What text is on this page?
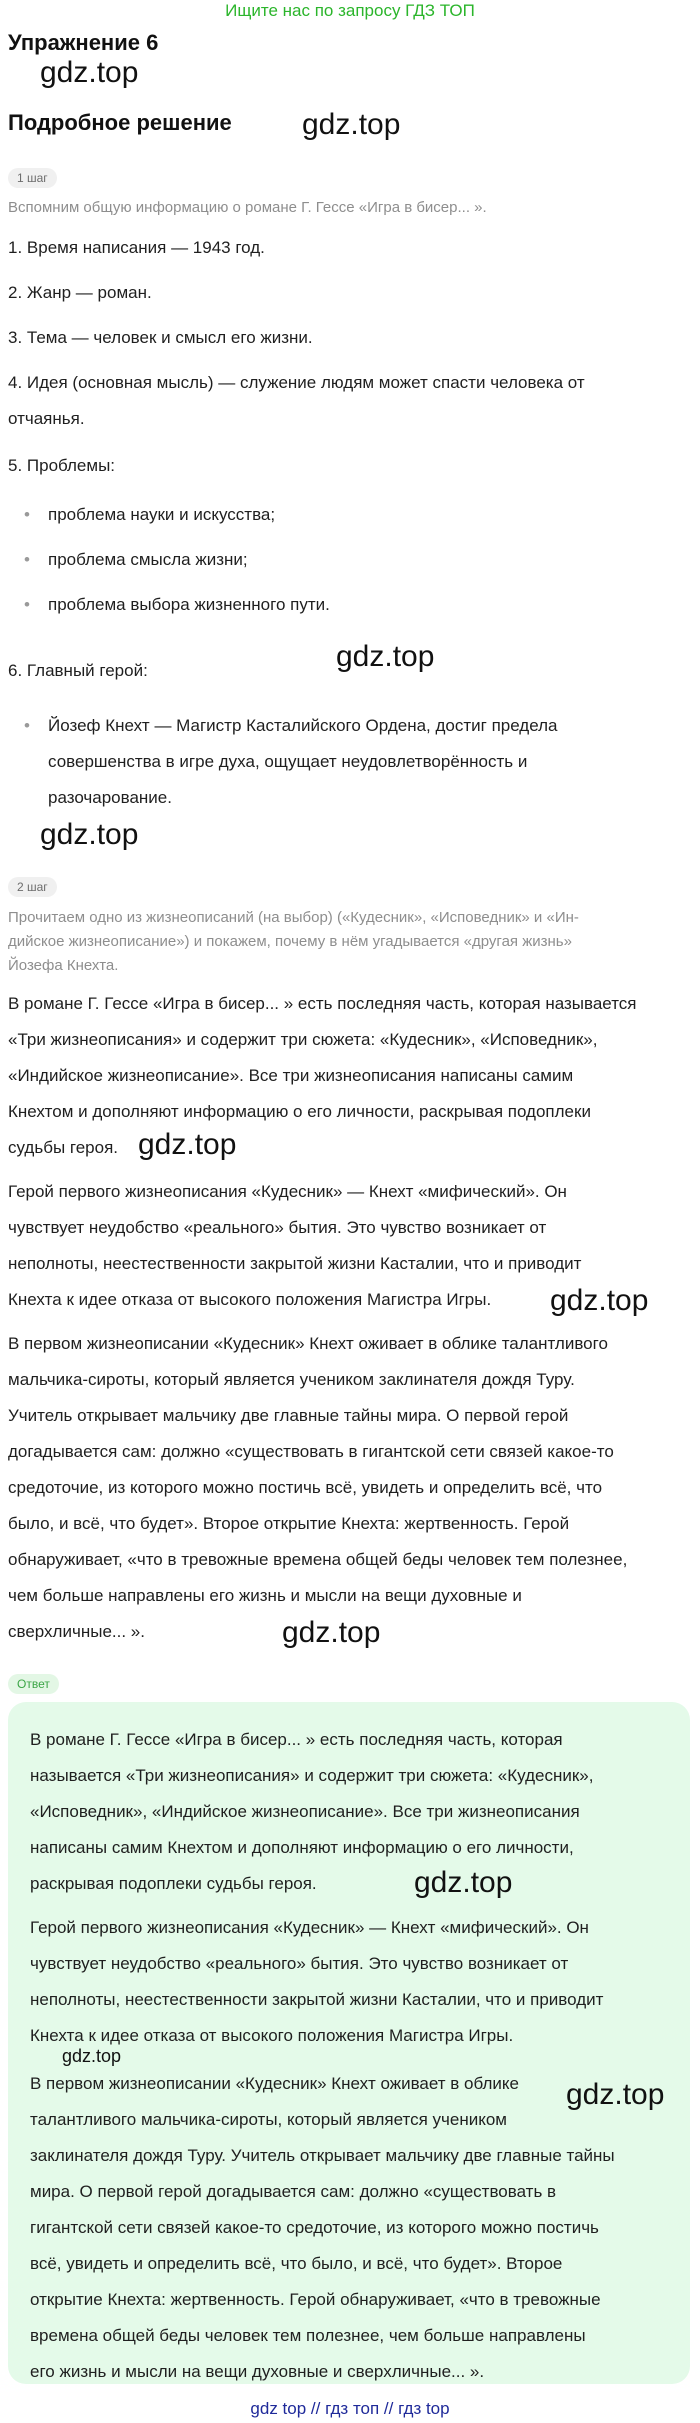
Ищите нас по запросу ГДЗ ТОП
Упражнение 6
gdz.top
Подробное решение gdz.top
1 шаг
Вспомним общую информацию о романе Г. Гессе «Игра в бисер... ».
1. Время написания — 1943 год.
2. Жанр — роман.
3. Тема — человек и смысл его жизни.
4. Идея (основная мысль) — служение людям может спасти человека от
отчаянья.
5. Проблемы:
• проблема науки и искусства;
• проблема смысла жизни;
• проблема выбора жизненного пути.
6. Главный герой:	gdz.top
• Йозеф Кнехт — Магистр Касталийского Ордена, достиг предела
совершенства в игре духа, ощущает неудовлетворённость и
разочарование.
gdz.top
2 шаг
Прочитаем одно из жизнеописаний (на выбор) («Кудесник», «Исповедник» и «Ин-
дийское жизнеописание») и покажем, почему в нём угадывается «другая жизнь»
Йозефа Кнехта.
В романе Г. Гессе «Игра в бисер... » есть последняя часть, которая называется
«Три жизнеописания» и содержит три сюжета: «Кудесник», «Исповедник»,
«Индийское жизнеописание». Все три жизнеописания написаны самим
Кнехтом и дополняют информацию о его личности, раскрывая подоплеки
судьбы героя. gdz.top
Герой первого жизнеописания «Кудесник» — Кнехт «мифический». Он
чувствует неудобство «реального» бытия. Это чувство возникает от
неполноты, неестественности закрытой жизни Касталии, что и приводит
Кнехта к идее отказа от высокого положения Магистра Игры.	gdz.top
В первом жизнеописании «Кудесник» Кнехт оживает в облике талантливого
мальчика-сироты, который является учеником заклинателя дождя Туру.
Учитель открывает мальчику две главные тайны мира. О первой герой
догадывается сам: должно «существовать в гигантской сети связей какое-то
средоточие, из которого можно постичь всё, увидеть и определить всё, что
было, и всё, что будет». Второе открытие Кнехта: жертвенность. Герой
обнаруживает, «что в тревожные времена общей беды человек тем полезнее,
чем больше направлены его жизнь и мысли на вещи духовные и
сверхличные... ».	gdz.top
Ответ
В романе Г. Гессе «Игра в бисер... » есть последняя часть, которая
называется «Три жизнеописания» и содержит три сюжета: «Кудесник»,
«Исповедник», «Индийское жизнеописание». Все три жизнеописания
написаны самим Кнехтом и дополняют информацию о его личности,
раскрывая подоплеки судьбы героя.	gdz.top
Герой первого жизнеописания «Кудесник» — Кнехт «мифический». Он
чувствует неудобство «реального» бытия. Это чувство возникает от
неполноты, неестественности закрытой жизни Касталии, что и приводит
Кнехта к идее отказа от высокого положения Магистра Игры.
gdz.top
В первом жизнеописании «Кудесник» Кнехт оживает в облике	gdz.top
талантливого мальчика-сироты, который является учеником
заклинателя дождя Туру. Учитель открывает мальчику две главные тайны
мира. О первой герой догадывается сам: должно «существовать в
гигантской сети связей какое-то средоточие, из которого можно постичь
всё, увидеть и определить всё, что было, и всё, что будет». Второе
открытие Кнехта: жертвенность. Герой обнаруживает, «что в тревожные
времена общей беды человек тем полезнее, чем больше направлены
его жизнь и мысли на вещи духовные и сверхличные... ».
gdz top // гдз топ // гдз top
